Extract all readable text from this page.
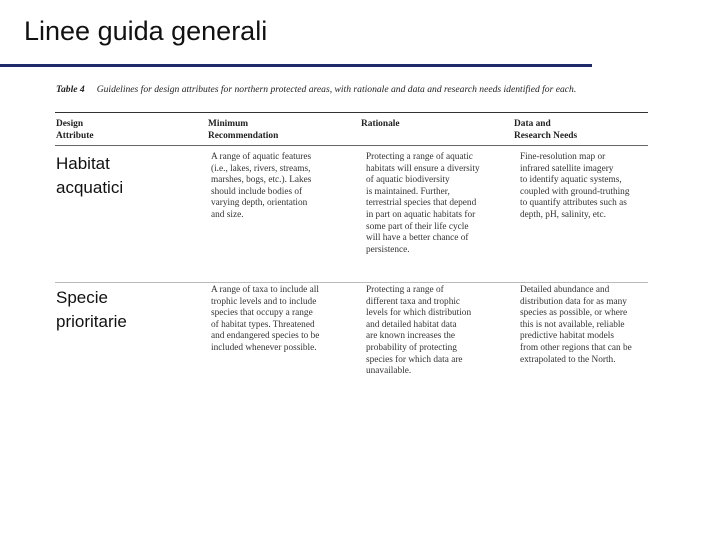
Linee guida generali
Table 4 Guidelines for design attributes for northern protected areas, with rationale and data and research needs identified for each.
Design
Attribute
Minimum
Recommendation
Rationale	Data and
Research Needs
Habitat
acquatici
A range of aquatic features
(i.e., lakes, rivers, streams,
marshes, bogs, etc.). Lakes
should include bodies of
varying depth, orientation
and size.
Protecting a range of aquatic
habitats will ensure a diversity
of aquatic biodiversity
is maintained. Further,
terrestrial species that depend
in part on aquatic habitats for
some part of their life cycle
will have a better chance of
persistence.
Fine-resolution map or
infrared satellite imagery
to identify aquatic systems,
coupled with ground-truthing
to quantify attributes such as
depth, pH, salinity, etc.
Specie
prioritarie
A range of taxa to include all
trophic levels and to include
species that occupy a range
of habitat types. Threatened
and endangered species to be
included whenever possible.
Protecting a range of
different taxa and trophic
levels for which distribution
and detailed habitat data
are known increases the
probability of protecting
species for which data are
unavailable.
Detailed abundance and
distribution data for as many
species as possible, or where
this is not available, reliable
predictive habitat models
from other regions that can be
extrapolated to the North.
